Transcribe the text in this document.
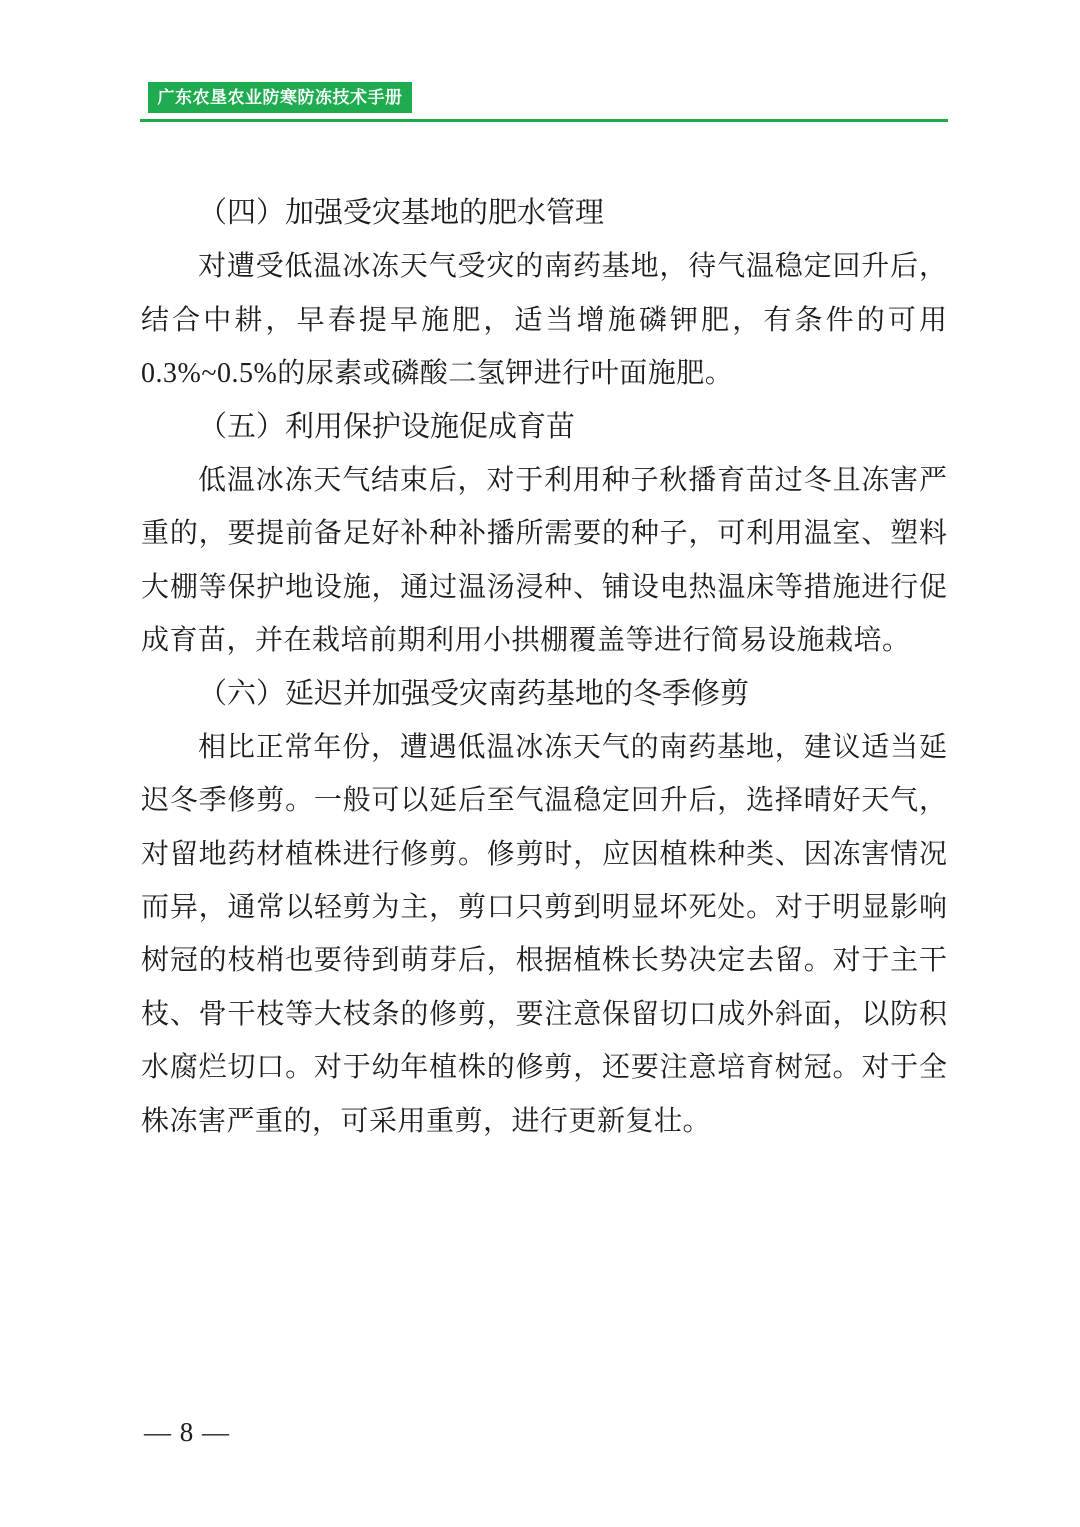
广东农垦农业防寒防冻技术手册
（四）加强受灾基地的肥水管理
对遭受低温冰冻天气受灾的南药基地，待气温稳定回升后，
结合中耕，早春提早施肥，适当增施磷钾肥，有条件的可用
0.3%~0.5%的尿素或磷酸二氢钾进行叶面施肥。
（五）利用保护设施促成育苗
低温冰冻天气结束后，对于利用种子秋播育苗过冬且冻害严
重的，要提前备足好补种补播所需要的种子，可利用温室、塑料
大棚等保护地设施，通过温汤浸种、铺设电热温床等措施进行促
成育苗，并在栽培前期利用小拱棚覆盖等进行简易设施栽培。
（六）延迟并加强受灾南药基地的冬季修剪
相比正常年份，遭遇低温冰冻天气的南药基地，建议适当延
迟冬季修剪。一般可以延后至气温稳定回升后，选择晴好天气，
对留地药材植株进行修剪。修剪时，应因植株种类、因冻害情况
而异，通常以轻剪为主，剪口只剪到明显坏死处。对于明显影响
树冠的枝梢也要待到萌芽后，根据植株长势决定去留。对于主干
枝、骨干枝等大枝条的修剪，要注意保留切口成外斜面，以防积
水腐烂切口。对于幼年植株的修剪，还要注意培育树冠。对于全
株冻害严重的，可采用重剪，进行更新复壮。
— 8 —
